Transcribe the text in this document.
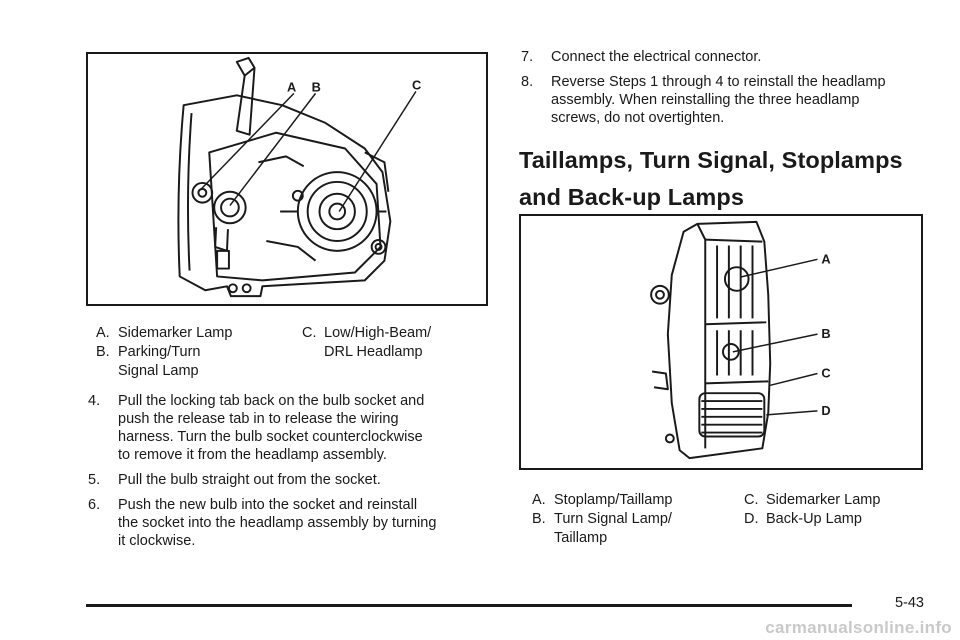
A B	C
A. Sidemarker Lamp
B. Parking/Turn
Signal Lamp
C. Low/High-Beam/
DRL Headlamp
4. Pull the locking tab back on the bulb socket and
push the release tab in to release the wiring
harness. Turn the bulb socket counterclockwise
to remove it from the headlamp assembly.
5. Pull the bulb straight out from the socket.
6. Push the new bulb into the socket and reinstall
the socket into the headlamp assembly by turning
it clockwise.
7. Connect the electrical connector.
8. Reverse Steps 1 through 4 to reinstall the headlamp
assembly. When reinstalling the three headlamp
screws, do not overtighten.
Taillamps, Turn Signal, Stoplamps
and Back-up Lamps
A
B
C
D
A. Stoplamp/Taillamp
B. Turn Signal Lamp/
Taillamp
C. Sidemarker Lamp
D. Back-Up Lamp
5-43
carmanualsonline.info
